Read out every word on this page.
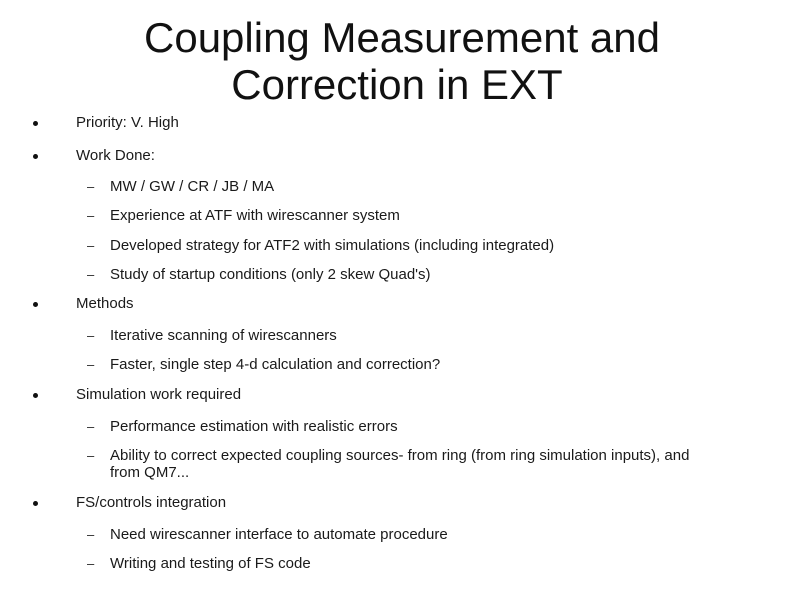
Coupling Measurement and
Correction in EXT
Priority: V. High
Work Done:
– MW / GW / CR / JB / MA
– Experience at ATF with wirescanner system
– Developed strategy for ATF2 with simulations (including integrated)
– Study of startup conditions (only 2 skew Quad's)
Methods
– Iterative scanning of wirescanners
– Faster, single step 4-d calculation and correction?
Simulation work required
– Performance estimation with realistic errors
– Ability to correct expected coupling sources- from ring (from ring simulation inputs), and
from QM7...
FS/controls integration
– Need wirescanner interface to automate procedure
– Writing and testing of FS code
